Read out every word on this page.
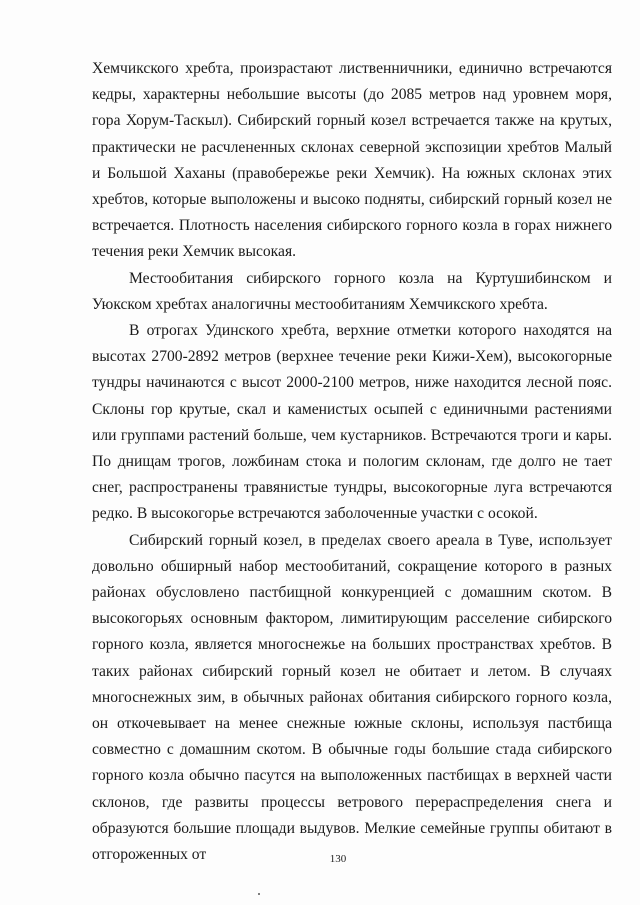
Хемчикского хребта, произрастают лиственничники, единично встречаются кедры, характерны небольшие высоты (до 2085 метров над уровнем моря, гора Хорум-Таскыл). Сибирский горный козел встречается также на крутых, практически не расчлененных склонах северной экспозиции хребтов Малый и Большой Хаханы (правобережье реки Хемчик). На южных склонах этих хребтов, которые выположены и высоко подняты, сибирский горный козел не встречается. Плотность населения сибирского горного козла в горах нижнего течения реки Хемчик высокая.

Местообитания сибирского горного козла на Куртушибинском и Уюкском хребтах аналогичны местообитаниям Хемчикского хребта.

В отрогах Удинского хребта, верхние отметки которого находятся на высотах 2700-2892 метров (верхнее течение реки Кижи-Хем), высокогорные тундры начинаются с высот 2000-2100 метров, ниже находится лесной пояс. Склоны гор крутые, скал и каменистых осыпей с единичными растениями или группами растений больше, чем кустарников. Встречаются троги и кары. По днищам трогов, ложбинам стока и пологим склонам, где долго не тает снег, распространены травянистые тундры, высокогорные луга встречаются редко. В высокогорье встречаются заболоченные участки с осокой.

Сибирский горный козел, в пределах своего ареала в Туве, использует довольно обширный набор местообитаний, сокращение которого в разных районах обусловлено пастбищной конкуренцией с домашним скотом. В высокогорьях основным фактором, лимитирующим расселение сибирского горного козла, является многоснежье на больших пространствах хребтов. В таких районах сибирский горный козел не обитает и летом. В случаях многоснежных зим, в обычных районах обитания сибирского горного козла, он откочевывает на менее снежные южные склоны, используя пастбища совместно с домашним скотом. В обычные годы большие стада сибирского горного козла обычно пасутся на выположенных пастбищах в верхней части склонов, где развиты процессы ветрового перераспределения снега и образуются большие площади выдувов. Мелкие семейные группы обитают в отгороженных от	130
